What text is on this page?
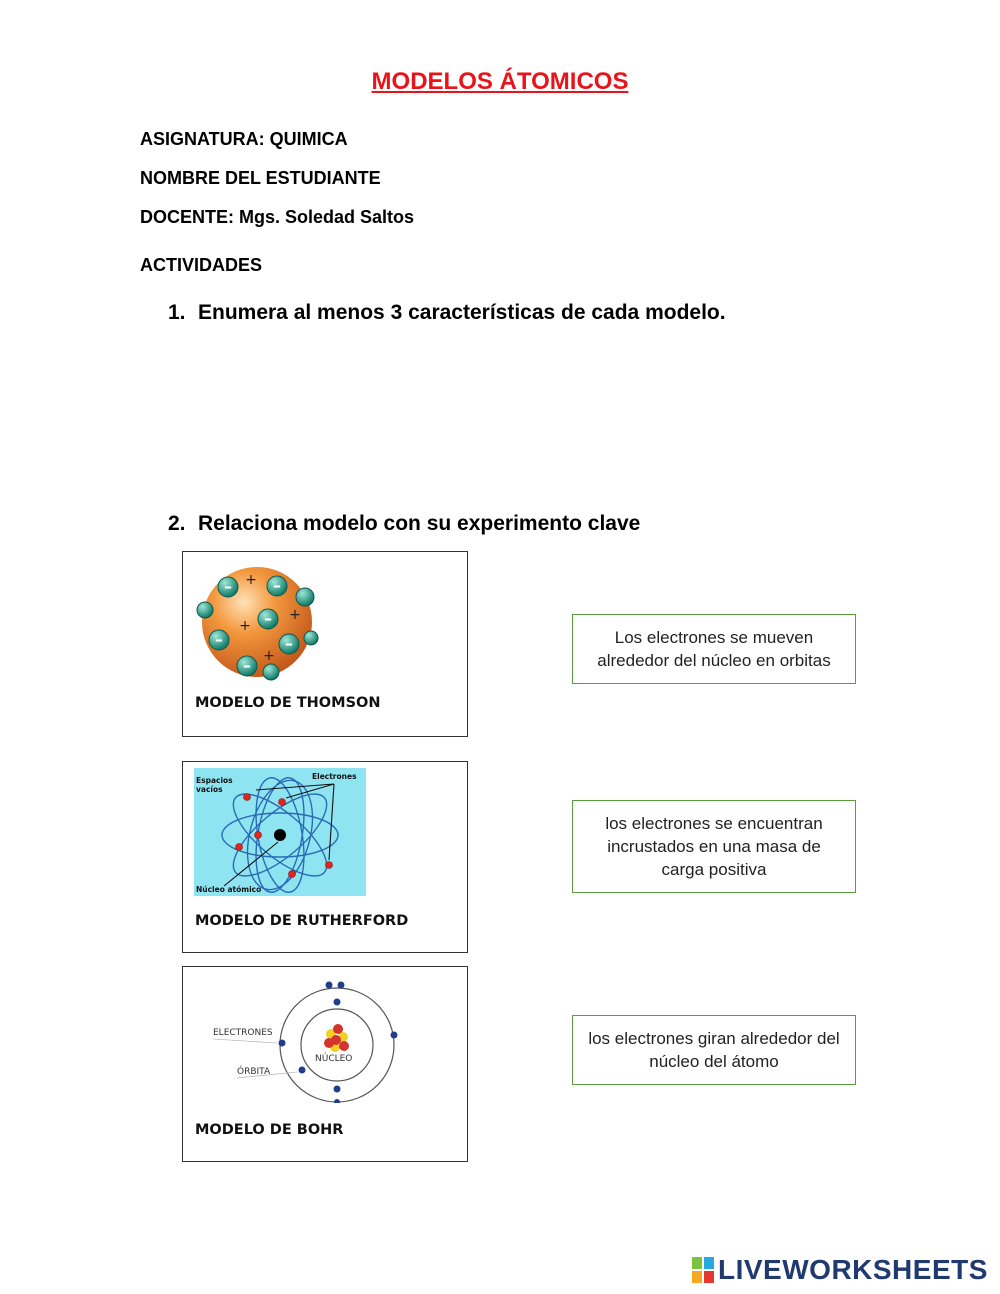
MODELOS ÁTOMICOS
ASIGNATURA: QUIMICA
NOMBRE DEL ESTUDIANTE
DOCENTE: Mgs. Soledad Saltos
ACTIVIDADES
1. Enumera al menos 3 características de cada modelo.
2. Relaciona modelo con su experimento clave
–	–
–
–	–
–
+
+
+
+
MODELO DE THOMSON
Espacios
vacíos
Electrones
Núcleo atómico
MODELO DE RUTHERFORD
ELECTRONES
ÓRBITA
NÚCLEO
MODELO DE BOHR
Los electrones se mueven alrededor del núcleo en orbitas
los electrones se encuentran incrustados en una masa de carga positiva
los electrones giran alrededor del núcleo del átomo
LIVEWORKSHEETS
